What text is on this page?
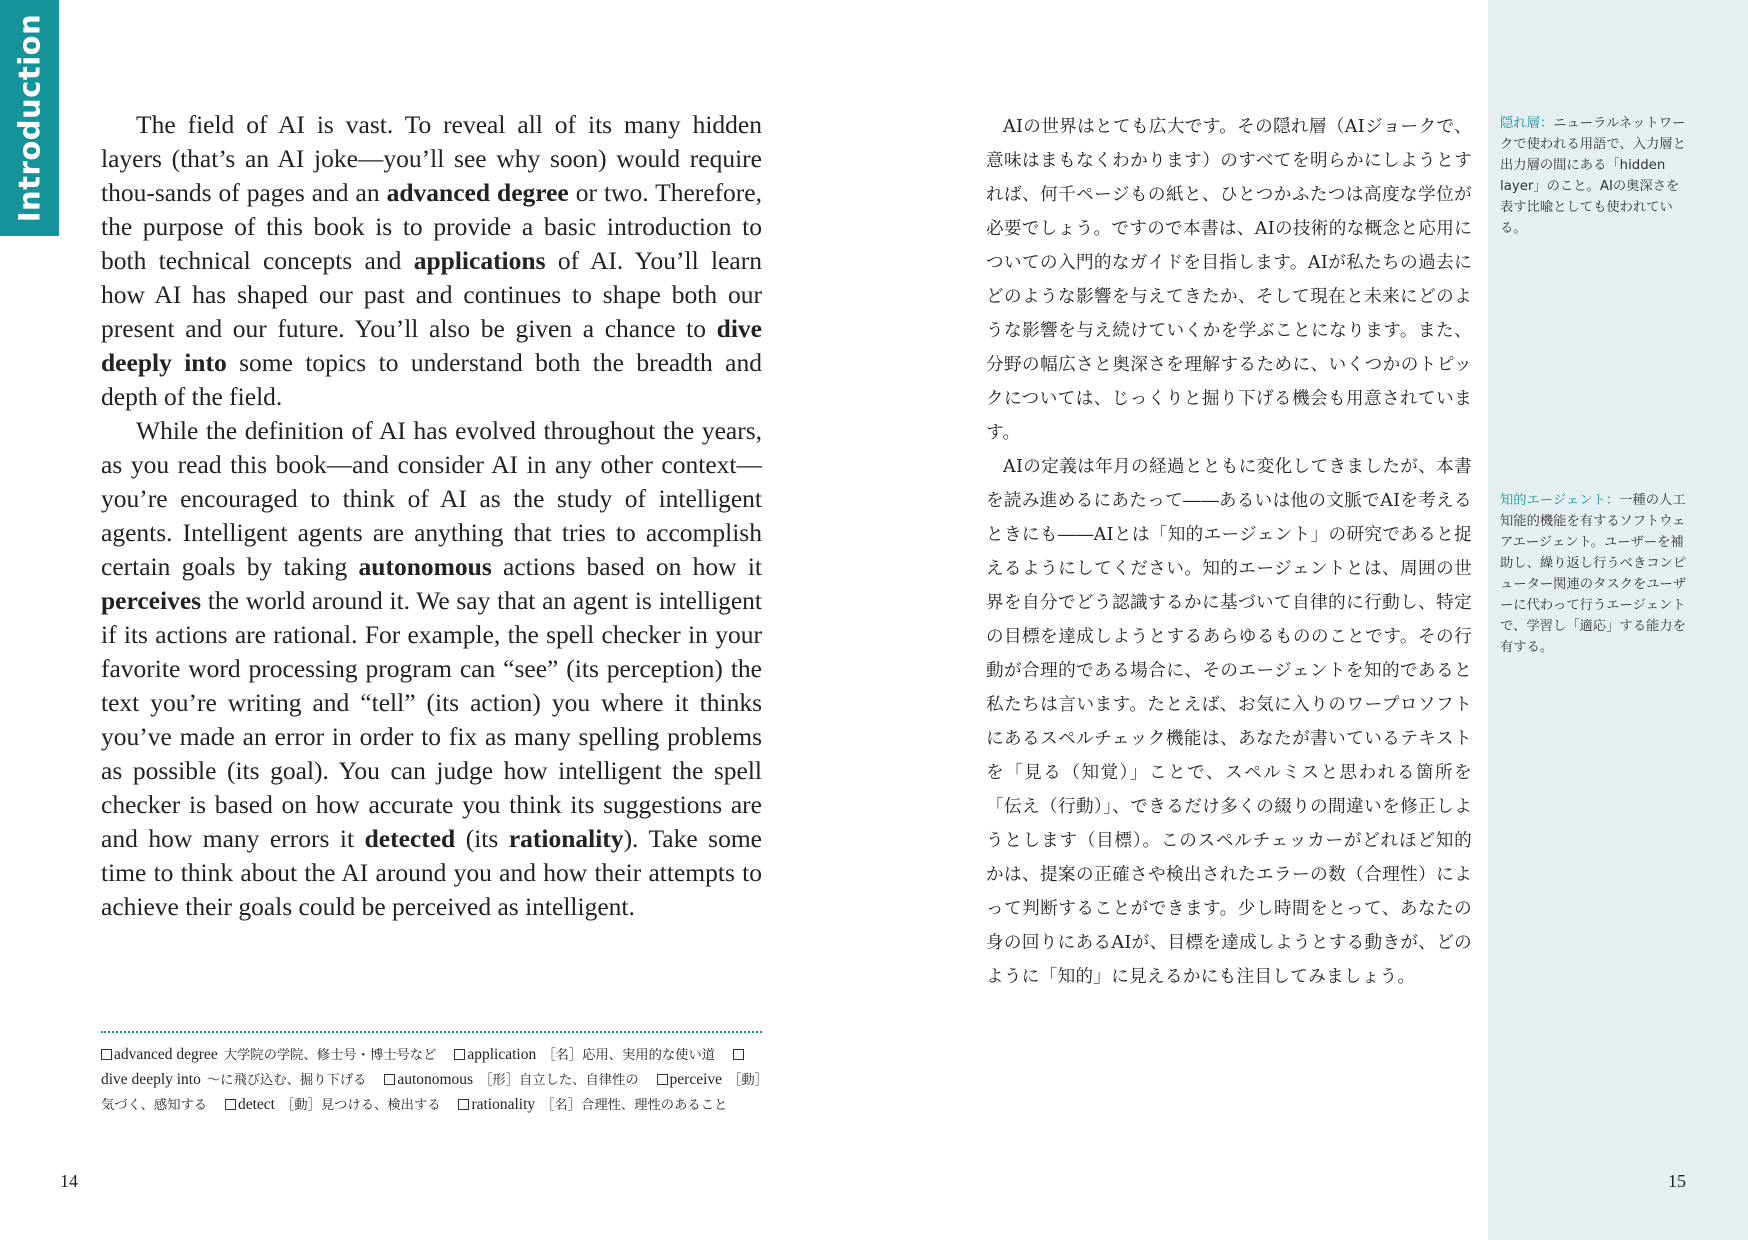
Introduction	The field of AI is vast. To reveal all of its many hidden layers (that’s an AI joke—you’ll see why soon) would require thou-sands of pages and an advanced degree or two. Therefore, the purpose of this book is to provide a basic introduction to both technical concepts and applications of AI. You’ll learn how AI has shaped our past and continues to shape both our present and our future. You’ll also be given a chance to dive deeply into some topics to understand both the breadth and depth of the field.

While the definition of AI has evolved throughout the years, as you read this book—and consider AI in any other context—you’re encouraged to think of AI as the study of intelligent agents. Intelligent agents are anything that tries to accomplish certain goals by taking autonomous actions based on how it perceives the world around it. We say that an agent is intelligent if its actions are rational. For example, the spell checker in your favorite word processing program can “see” (its perception) the text you’re writing and “tell” (its action) you where it thinks you’ve made an error in order to fix as many spelling problems as possible (its goal). You can judge how intelligent the spell checker is based on how accurate you think its suggestions are and how many errors it detected (its rationality). Take some time to think about the AI around you and how their attempts to achieve their goals could be perceived as intelligent.

AIの世界はとても広大です。その隠れ層（AIジョークで、意味はまもなくわかります）のすべてを明らかにしようとすれば、何千ページもの紙と、ひとつかふたつは高度な学位が必要でしょう。ですので本書は、AIの技術的な概念と応用についての入門的なガイドを目指します。AIが私たちの過去にどのような影響を与えてきたか、そして現在と未来にどのような影響を与え続けていくかを学ぶことになります。また、分野の幅広さと奥深さを理解するために、いくつかのトピックについては、じっくりと掘り下げる機会も用意されています。

AIの定義は年月の経過とともに変化してきましたが、本書を読み進めるにあたって――あるいは他の文脈でAIを考えるときにも――AIとは「知的エージェント」の研究であると捉えるようにしてください。知的エージェントとは、周囲の世界を自分でどう認識するかに基づいて自律的に行動し、特定の目標を達成しようとするあらゆるもののことです。その行動が合理的である場合に、そのエージェントを知的であると私たちは言います。たとえば、お気に入りのワープロソフトにあるスペルチェック機能は、あなたが書いているテキストを「見る（知覚）」ことで、スペルミスと思われる箇所を「伝え（行動）」、できるだけ多くの綴りの間違いを修正しようとします（目標）。このスペルチェッカーがどれほど知的かは、提案の正確さや検出されたエラーの数（合理性）によって判断することができます。少し時間をとって、あなたの身の回りにあるAIが、目標を達成しようとする動きが、どのように「知的」に見えるかにも注目してみましょう。

隠れ層：ニューラルネットワークで使われる用語で、入力層と出力層の間にある「hidden layer」のこと。AIの奥深さを表す比喩としても使われている。
知的エージェント：一種の人工知能的機能を有するソフトウェアエージェント。ユーザーを補助し、繰り返し行うべきコンピューター関連のタスクをユーザーに代わって行うエージェントで、学習し「適応」する能力を有する。
advanced degree 大学院の学院、修士号・博士号など application ［名］応用、実用的な使い道 dive deeply into ～に飛び込む、掘り下げる autonomous ［形］自立した、自律性の perceive ［動］気づく、感知する detect ［動］見つける、検出する rationality ［名］合理性、理性のあること
14	15
